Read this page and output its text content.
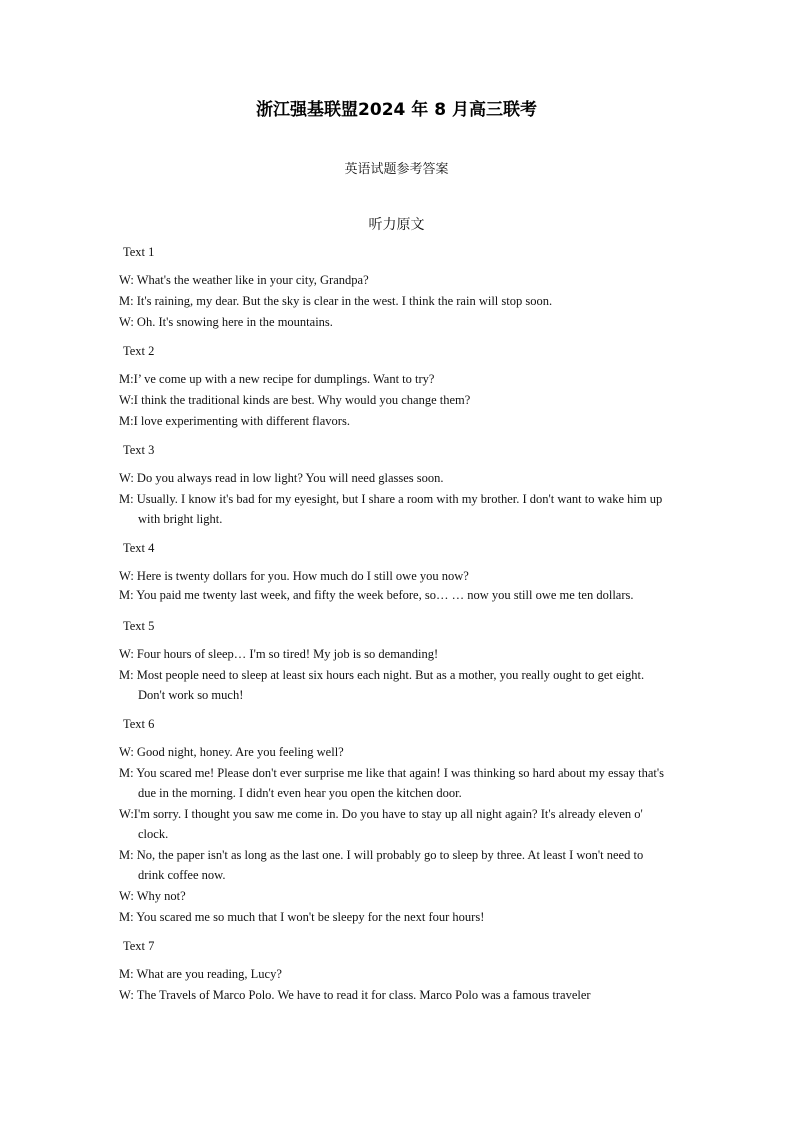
浙江强基联盟2024 年 8 月高三联考
英语试题参考答案
听力原文
Text 1
W: What's the weather like in your city, Grandpa?
M: It's raining, my dear. But the sky is clear in the west. I think the rain will stop soon.
W: Oh. It's snowing here in the mountains.
Text 2
M:I’ ve come up with a new recipe for dumplings. Want to try?
W:I think the traditional kinds are best. Why would you change them?
M:I love experimenting with different flavors.
Text 3
W: Do you always read in low light? You will need glasses soon.
M: Usually. I know it's bad for my eyesight, but I share a room with my brother. I don't want to wake him up with bright light.
Text 4
W: Here is twenty dollars for you. How much do I still owe you now?
M: You paid me twenty last week, and fifty the week before, so… … now you still owe me ten dollars.
Text 5
W: Four hours of sleep… I'm so tired! My job is so demanding!
M: Most people need to sleep at least six hours each night. But as a mother, you really ought to get eight. Don't work so much!
Text 6
W: Good night, honey. Are you feeling well?
M: You scared me! Please don't ever surprise me like that again! I was thinking so hard about my essay that's due in the morning. I didn't even hear you open the kitchen door.
W:I'm sorry. I thought you saw me come in. Do you have to stay up all night again? It's already eleven o' clock.
M: No, the paper isn't as long as the last one. I will probably go to sleep by three. At least I won't need to drink coffee now.
W: Why not?
M: You scared me so much that I won't be sleepy for the next four hours!
Text 7
M: What are you reading, Lucy?
W: The Travels of Marco Polo. We have to read it for class. Marco Polo was a famous traveler
